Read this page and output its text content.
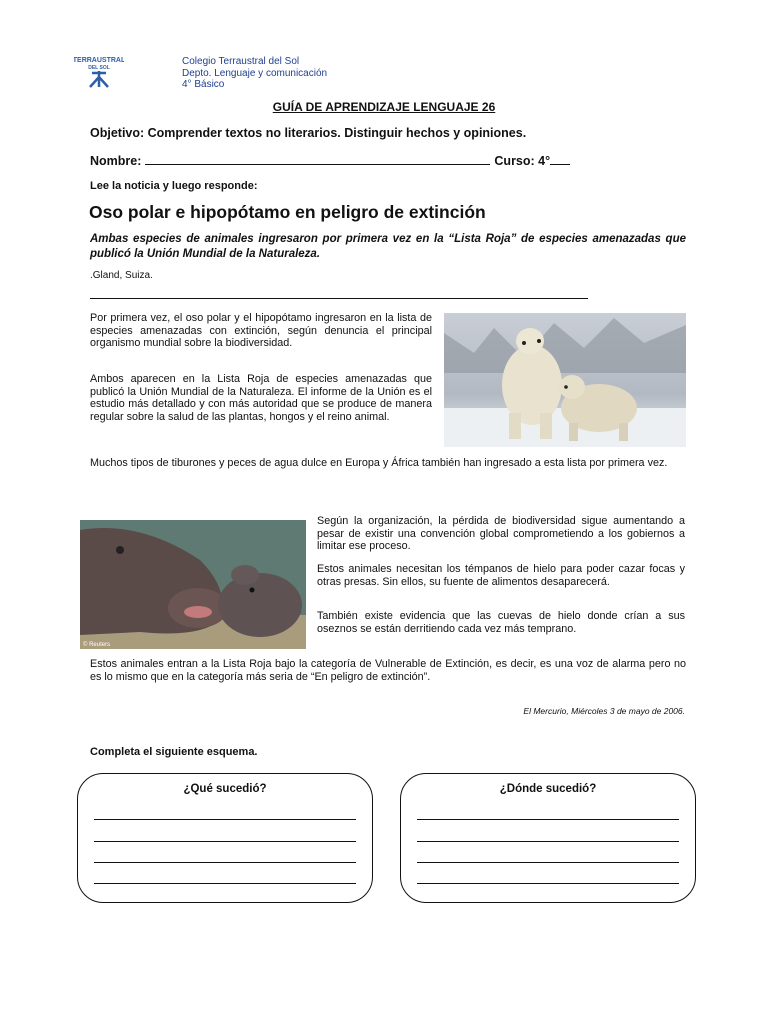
TERRAUSTRAL
DEL SOL
Colegio Terraustral del Sol
Depto. Lenguaje y comunicación
4° Básico
GUÍA DE APRENDIZAJE LENGUAJE 26
Objetivo: Comprender textos no literarios. Distinguir hechos y opiniones.
Nombre:	Curso: 4°
Lee la noticia y luego responde:
Oso polar e hipopótamo en peligro de extinción
Ambas especies de animales ingresaron por primera vez en la “Lista Roja” de especies amenazadas que publicó la Unión Mundial de la Naturaleza.
.Gland, Suiza.
Por primera vez, el oso polar y el hipopótamo ingresaron en la lista de especies amenazadas con extinción, según denuncia el principal organismo mundial sobre la biodiversidad.
Ambos aparecen en la Lista Roja de especies amenazadas que publicó la Unión Mundial de la Naturaleza. El informe de la Unión es el estudio más detallado y con más autoridad que se produce de manera regular sobre la salud de las plantas, hongos y el reino animal.
Muchos tipos de tiburones y peces de agua dulce en Europa y África también han ingresado a esta lista por primera vez.
© Reuters
Según la organización, la pérdida de biodiversidad sigue aumentando a pesar de existir una convención global comprometiendo a los gobiernos a limitar ese proceso.
Estos animales necesitan los témpanos de hielo para poder cazar focas y otras presas. Sin ellos, su fuente de alimentos desaparecerá.
También existe evidencia que las cuevas de hielo donde crían a sus oseznos se están derritiendo cada vez más temprano.
Estos animales entran a la Lista Roja bajo la categoría de Vulnerable de Extinción, es decir, es una voz de alarma pero no es lo mismo que en la categoría más seria de “En peligro de extinción”.
El Mercurio, Miércoles 3 de mayo de 2006.
Completa el siguiente esquema.
¿Qué sucedió?	¿Dónde sucedió?
